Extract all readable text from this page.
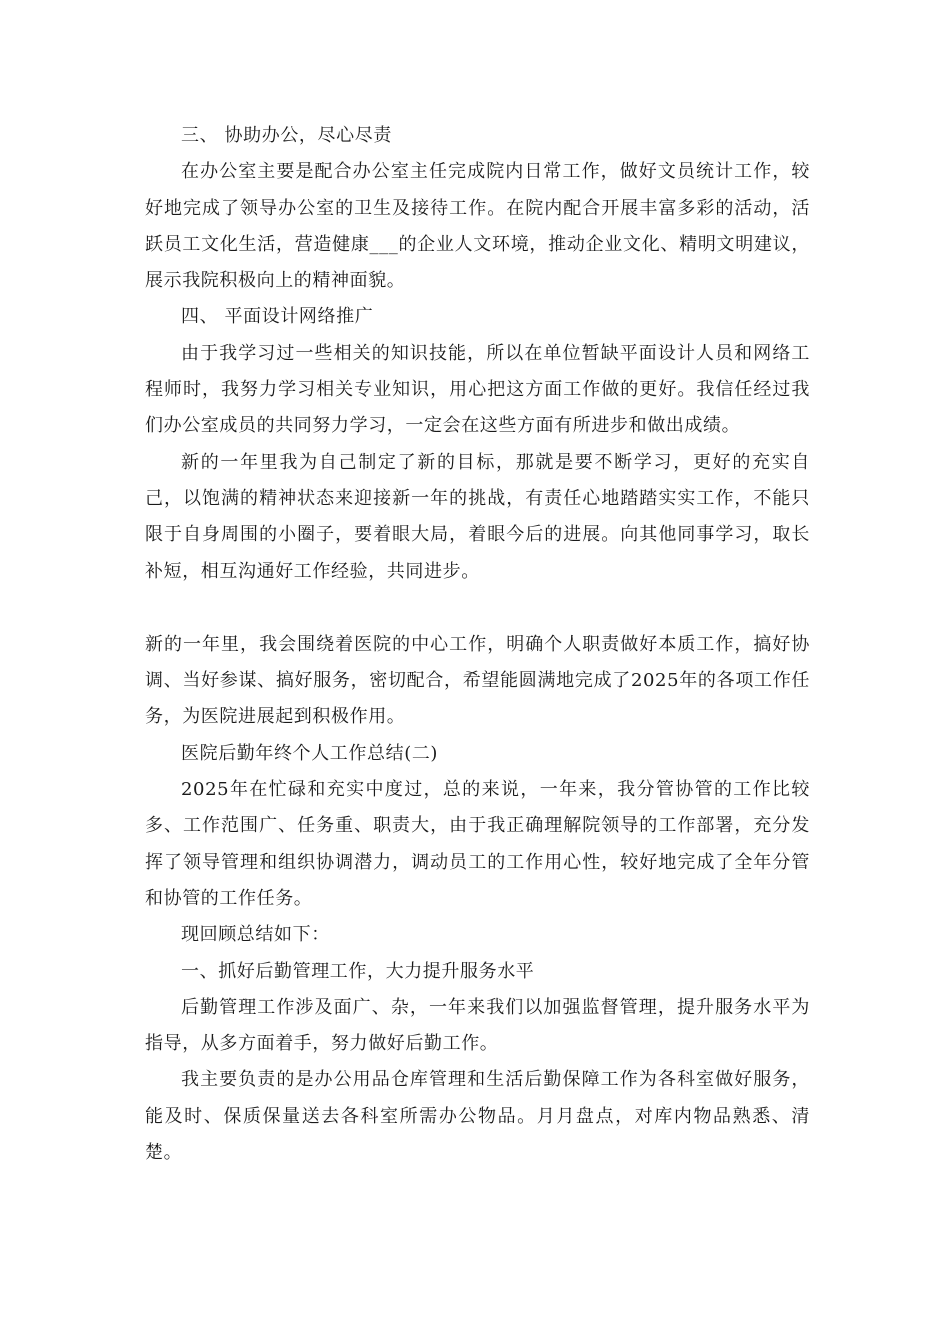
三、 协助办公，尽心尽责

在办公室主要是配合办公室主任完成院内日常工作，做好文员统计工作，较好地完成了领导办公室的卫生及接待工作。在院内配合开展丰富多彩的活动，活跃员工文化生活，营造健康___的企业人文环境，推动企业文化、精明文明建议，展示我院积极向上的精神面貌。

四、 平面设计网络推广

由于我学习过一些相关的知识技能，所以在单位暂缺平面设计人员和网络工程师时，我努力学习相关专业知识，用心把这方面工作做的更好。我信任经过我们办公室成员的共同努力学习，一定会在这些方面有所进步和做出成绩。

新的一年里我为自己制定了新的目标，那就是要不断学习，更好的充实自己，以饱满的精神状态来迎接新一年的挑战，有责任心地踏踏实实工作，不能只限于自身周围的小圈子，要着眼大局，着眼今后的进展。向其他同事学习，取长补短，相互沟通好工作经验，共同进步。

新的一年里，我会围绕着医院的中心工作，明确个人职责做好本质工作，搞好协调、当好参谋、搞好服务，密切配合，希望能圆满地完成了2025年的各项工作任务，为医院进展起到积极作用。

医院后勤年终个人工作总结(二)

2025年在忙碌和充实中度过，总的来说，一年来，我分管协管的工作比较多、工作范围广、任务重、职责大，由于我正确理解院领导的工作部署，充分发挥了领导管理和组织协调潜力，调动员工的工作用心性，较好地完成了全年分管和协管的工作任务。

现回顾总结如下：

一、抓好后勤管理工作，大力提升服务水平

后勤管理工作涉及面广、杂，一年来我们以加强监督管理，提升服务水平为指导，从多方面着手，努力做好后勤工作。

我主要负责的是办公用品仓库管理和生活后勤保障工作为各科室做好服务，能及时、保质保量送去各科室所需办公物品。月月盘点，对库内物品熟悉、清楚。
